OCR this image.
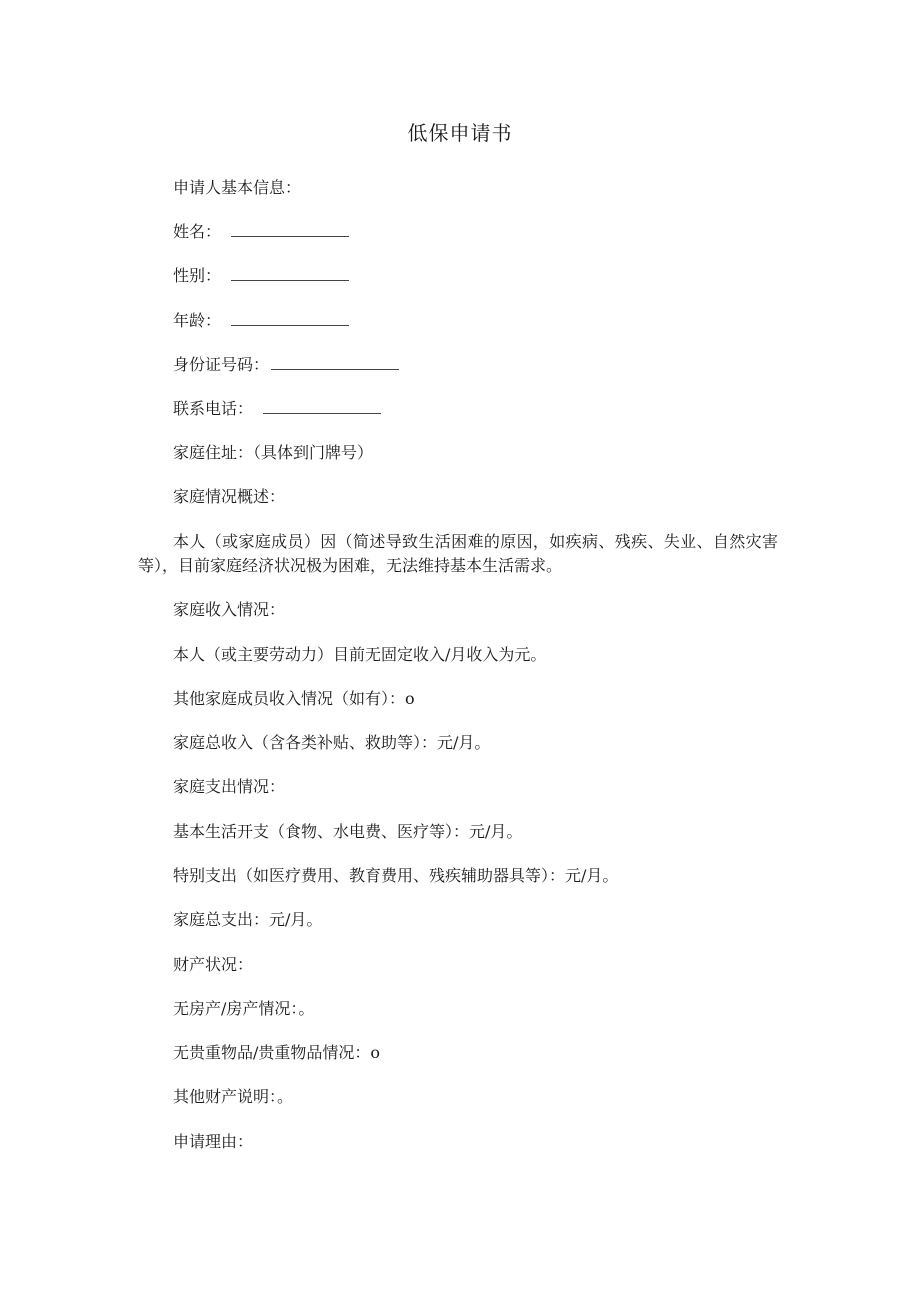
低保申请书
申请人基本信息：
姓名：
性别：
年龄：
身份证号码：
联系电话：
家庭住址：（具体到门牌号）
家庭情况概述：
本人（或家庭成员）因（简述导致生活困难的原因，如疾病、残疾、失业、自然灾害等），目前家庭经济状况极为困难，无法维持基本生活需求。
家庭收入情况：
本人（或主要劳动力）目前无固定收入/月收入为元。
其他家庭成员收入情况（如有）：o
家庭总收入（含各类补贴、救助等）：元/月。
家庭支出情况：
基本生活开支（食物、水电费、医疗等）：元/月。
特别支出（如医疗费用、教育费用、残疾辅助器具等）：元/月。
家庭总支出：元/月。
财产状况：
无房产/房产情况：。
无贵重物品/贵重物品情况：o
其他财产说明：。
申请理由：
